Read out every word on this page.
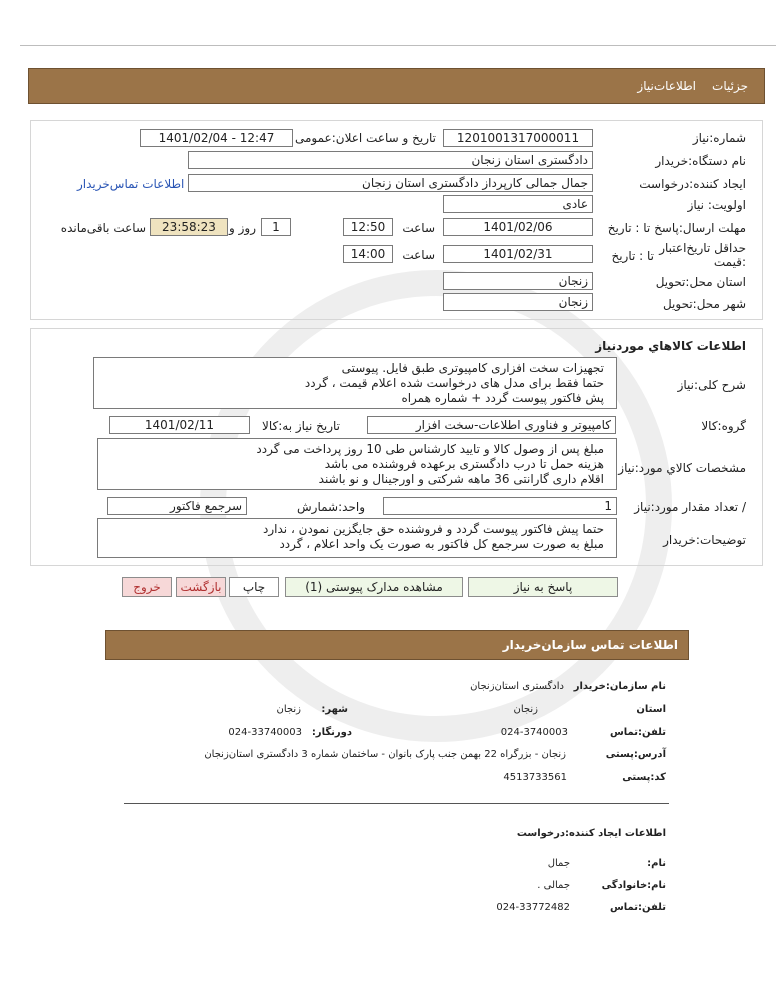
جزئیات
اطلاعات‌نیاز
شماره:نیاز
1201001317000011
تاریخ و ساعت اعلان:عمومی
1401/02/04 - 12:47
نام دستگاه:خریدار
دادگستری استان زنجان
ایجاد کننده:درخواست
جمال جمالی کارپرداز دادگستری استان زنجان
اطلاعات تماس‌خریدار
اولویت: نیاز
عادی
مهلت ارسال:پاسخ تا : تاریخ
1401/02/06
ساعت
12:50
1
روز و
23:58:23
ساعت باقی‌مانده
حداقل تاریخ‌اعتبار
:قیمت
تا : تاریخ
1401/02/31
ساعت
14:00
استان محل:تحویل
زنجان
شهر محل:تحویل
زنجان
اطلاعات کالاهاي موردنياز
شرح کلی:نیاز
تجهیزات سخت افزاری کامپیوتری طبق فایل. پیوستی
حتما فقط برای مدل های درخواست شده اعلام قیمت ، گردد
پش فاکتور پیوست گردد + شماره همراه
گروه:کالا
کامپیوتر و فناوری اطلاعات-سخت افزار
تاریخ نیاز به:کالا
1401/02/11
مشخصات کالاي مورد:نياز
مبلغ پس از وصول کالا و تایید کارشناس طی 10 روز پرداخت می گردد
هزینه حمل تا درب دادگستری برعهده فروشنده می باشد
اقلام داری گارانتی 36 ماهه شرکتی و اورجینال و نو باشند
/ تعداد مقدار مورد:نیاز
1
واحد:شمارش
سرجمع فاکتور
توضیحات:خریدار
حتما پیش فاکتور پیوست گردد و فروشنده حق جایگزین نمودن ، ندارد
مبلغ به صورت سرجمع کل فاکتور به صورت یک واحد اعلام ، گردد
پاسخ به نیاز
مشاهده مدارک پیوستی (1)
چاپ
بازگشت
خروج
اطلاعات تماس سازمان‌خریدار
نام سازمان:خریدار
دادگستری استان‌زنجان
استان
زنجان
شهر:
زنجان
تلفن:تماس
024-3740003
دورنگار:
024-33740003
آدرس:پستی
زنجان - بزرگراه 22 بهمن جنب پارک بانوان - ساختمان شماره 3 دادگستری استان‌زنجان
کد:پستی
4513733561
اطلاعات ایجاد کننده:درخواست
نام:
جمال
نام:خانوادگی
جمالی .
تلفن:تماس
024-33772482
